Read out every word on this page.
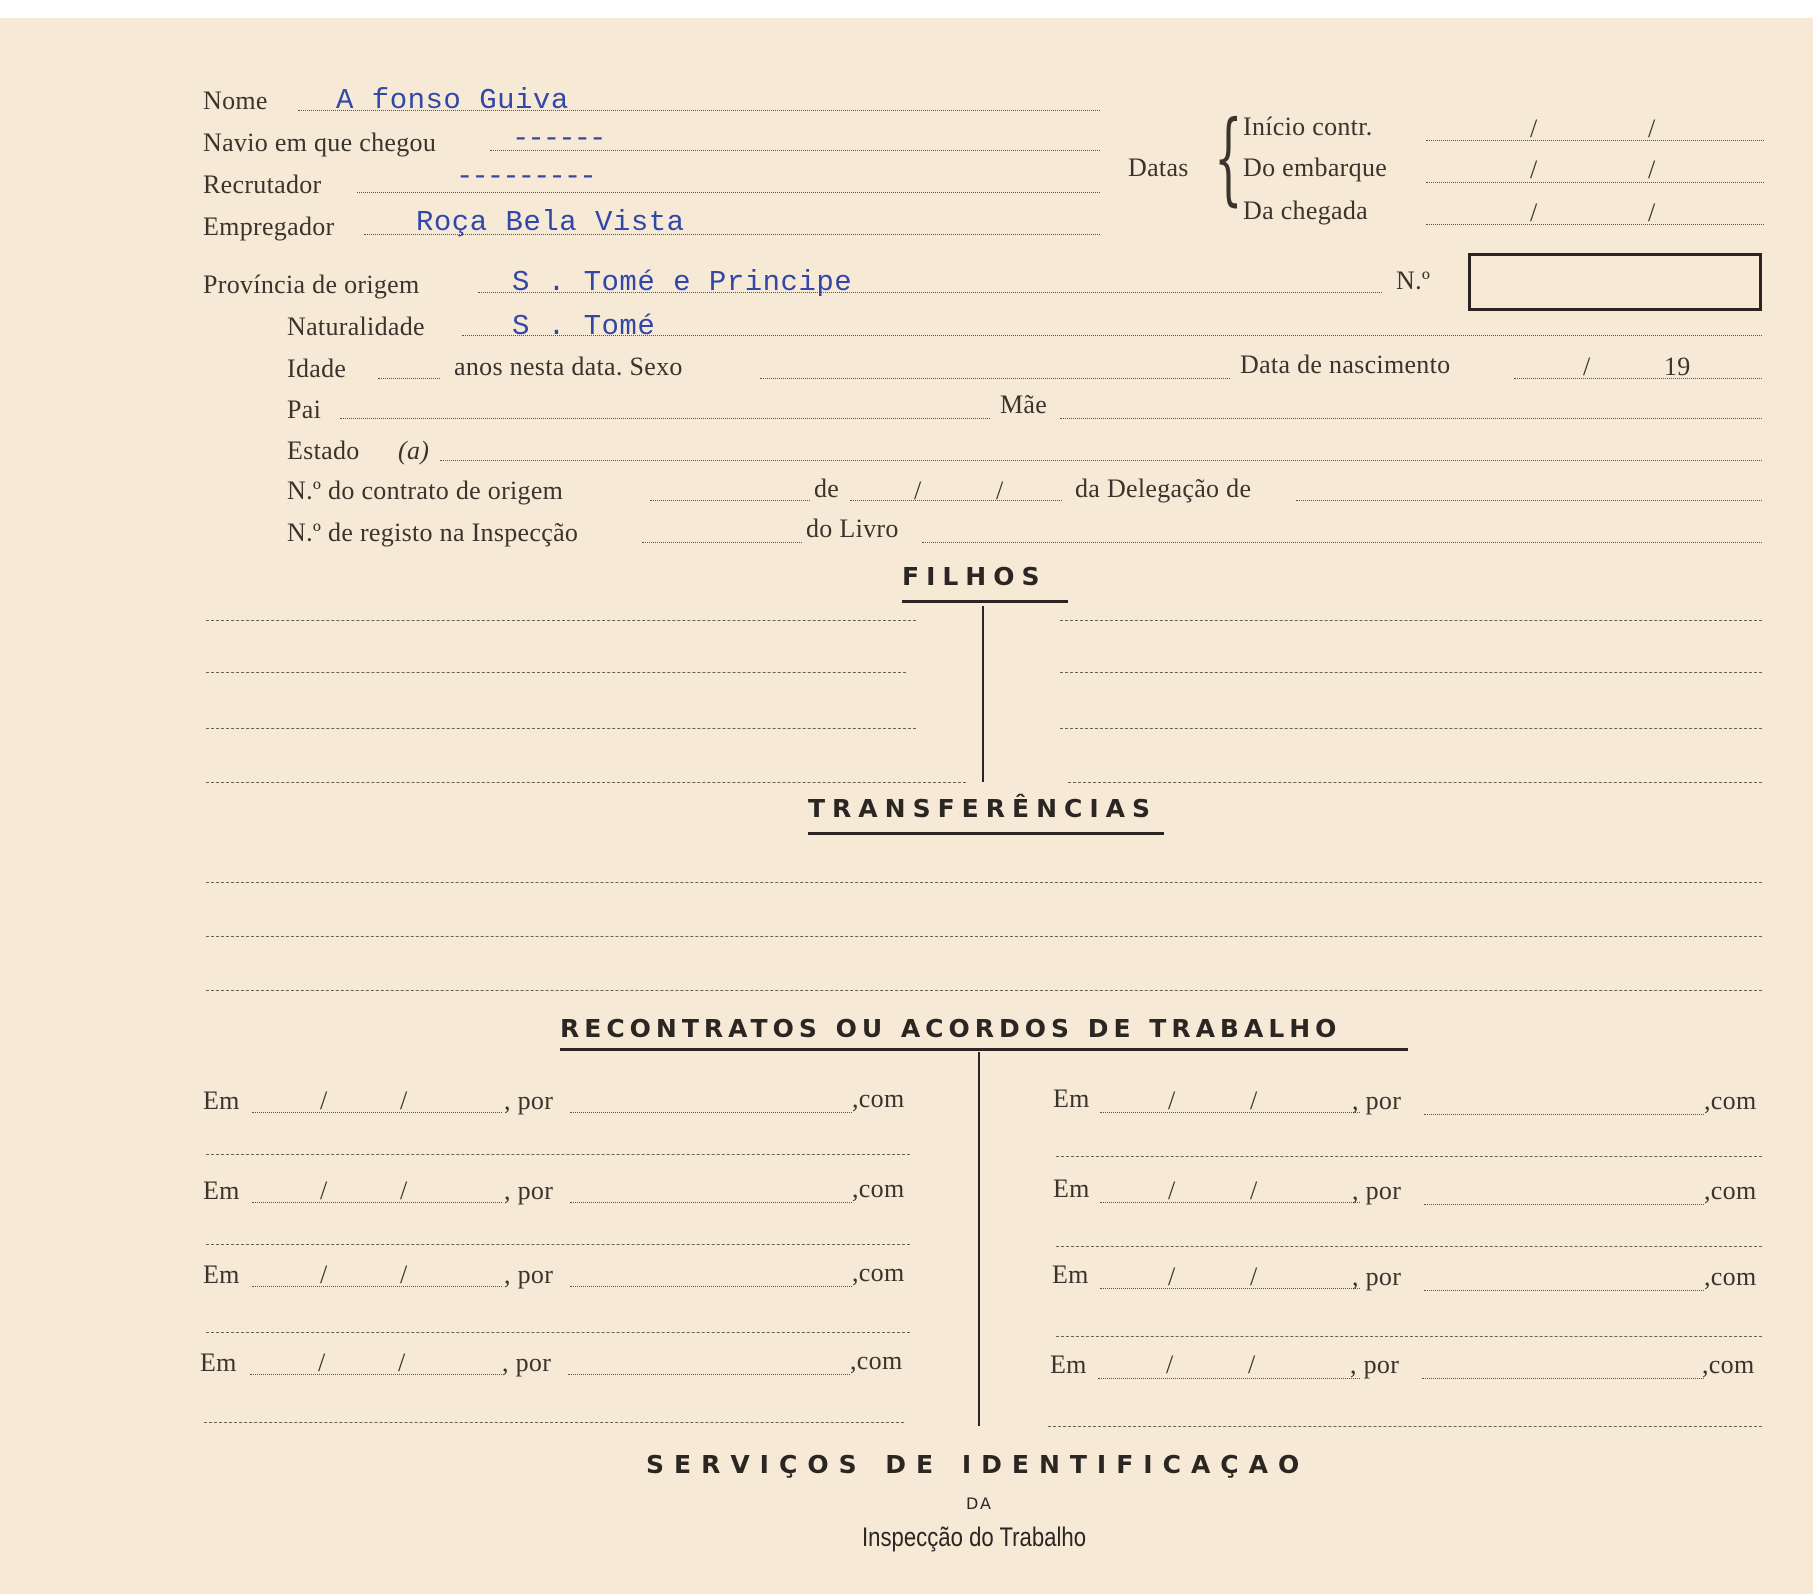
Nome A fonso Guiva
Navio em que chegou	------
Recrutador	---------
Empregador	Roça Bela Vista
Datas { Início contr.	/	/
Do embarque	/	/
Da chegada	/	/
Província de origem	S . Tomé e Principe	N.º
Naturalidade	S . Tomé
Idade	anos nesta data. Sexo	Data de nascimento	/	19
Pai	Mãe
Estado (a)
N.º do contrato de origem	de	/	/	da Delegação de
N.º de registo na Inspecção	do Livro
FILHOS
TRANSFERÊNCIAS
RECONTRATOS OU ACORDOS DE TRABALHO
Em	/	/	, por	,com
Em	/	/	, por	,com
Em	/	/	, por	,com
Em	/	/	, por	,com
Em	/	/	, por	,com
Em	/	/	, por	,com
Em	/	/	, por	,com
Em	/	/	, por	,com
SERVIÇOS DE IDENTIFICAÇAO
DA
Inspecção do Trabalho
